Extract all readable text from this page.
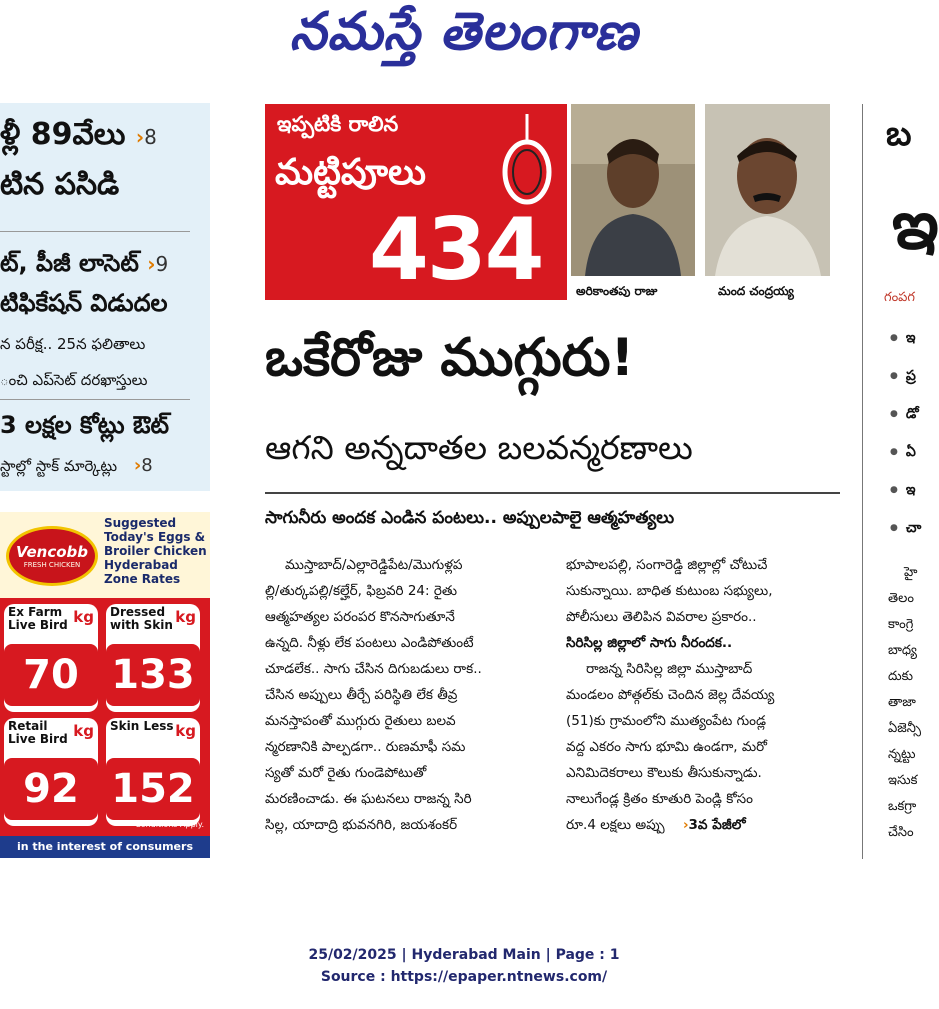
నమస్తే తెలంగాణ
ళ్లీ 89వేలు ›8
టిన పసిడి
ట్, పీజీ లాసెట్ ›9
టిఫికేషన్ విడుదల
న పరీక్ష.. 25న ఫలితాలు
ంచి ఎప్‌సెట్ దరఖాస్తులు
3 లక్షల కోట్లు ఔట్
స్టాల్లో స్టాక్ మార్కెట్లు ›8
Vencobb
FRESH CHICKEN
Suggested Today's Eggs & Broiler Chicken Hyderabad Zone Rates
Ex Farm Live Bird kg
70
Dressed with Skin kg
133
Retail Live Bird kg
92
Skin Less kg
152
Conditions Apply.
in the interest of consumers
ఇప్పటికి రాలిన
మట్టిపూలు
434	అరికాంతపు రాజు	మంద చంద్రయ్య
ఒకేరోజు ముగ్గురు!
ఆగని అన్నదాతల బలవన్మరణాలు
సాగునీరు అందక ఎండిన పంటలు.. అప్పులపాలై ఆత్మహత్యలు
ముస్తాబాద్/ఎల్లారెడ్డిపేట/మొగుళ్లప
ల్లి/తుర్కపల్లి/కల్హేర్, ఫిబ్రవరి 24: రైతు
ఆత్మహత్యల పరంపర కొనసాగుతూనే
ఉన్నది. నీళ్లు లేక పంటలు ఎండిపోతుంటే
చూడలేక.. సాగు చేసిన దిగుబడులు రాక..
చేసిన అప్పులు తీర్చే పరిస్థితి లేక తీవ్ర
మనస్తాపంతో ముగ్గురు రైతులు బలవ
న్మరణానికి పాల్పడగా.. రుణమాఫీ సమ
స్యతో మరో రైతు గుండెపోటుతో
మరణించాడు. ఈ ఘటనలు రాజన్న సిరి
సిల్ల, యాదాద్రి భువనగిరి, జయశంకర్
భూపాలపల్లి, సంగారెడ్డి జిల్లాల్లో చోటుచే
సుకున్నాయి. బాధిత కుటుంబ సభ్యులు,
పోలీసులు తెలిపిన వివరాల ప్రకారం..
సిరిసిల్ల జిల్లాలో సాగు నీరందక..
రాజన్న సిరిసిల్ల జిల్లా ముస్తాబాద్
మండలం పోత్గల్‌కు చెందిన జెల్ల దేవయ్య
(51)కు గ్రామంలోని ముత్యంపేట గుండ్ల
వద్ద ఎకరం సాగు భూమి ఉండగా, మరో
ఎనిమిదెకరాలు కౌలుకు తీసుకున్నాడు.
నాలుగేండ్ల క్రితం కూతురి పెండ్లి కోసం
రూ.4 లక్షలు అప్పు ›3వ పేజీలో
బ
ఇ
గంపగ
● ఇ
● ప్ర
● డో
● ఏ
● ఇ
● చా
హై
తెలం
కాంగ్రె
బాధ్య
దుకు
తాజా
ఏజెన్సీ
న్నట్టు
ఇసుక
ఒకగ్రా
చేసిం
25/02/2025 | Hyderabad Main | Page : 1
Source : https://epaper.ntnews.com/
